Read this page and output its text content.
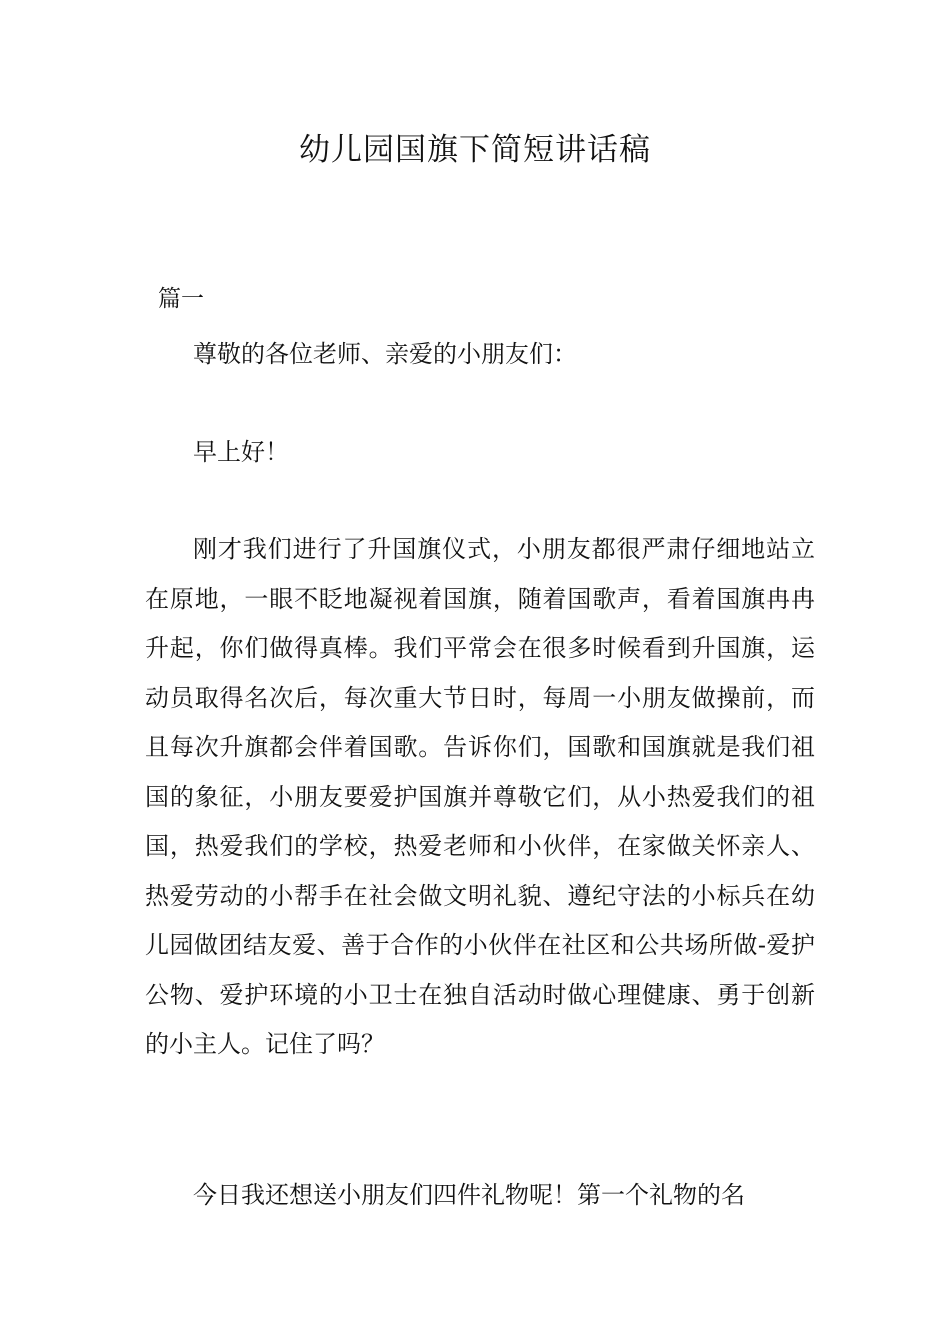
幼儿园国旗下简短讲话稿
篇一

尊敬的各位老师、亲爱的小朋友们：

早上好！

刚才我们进行了升国旗仪式，小朋友都很严肃仔细地站立在原地，一眼不眨地凝视着国旗，随着国歌声，看着国旗冉冉升起，你们做得真棒。我们平常会在很多时候看到升国旗，运动员取得名次后，每次重大节日时，每周一小朋友做操前，而且每次升旗都会伴着国歌。告诉你们，国歌和国旗就是我们祖国的象征，小朋友要爱护国旗并尊敬它们，从小热爱我们的祖国，热爱我们的学校，热爱老师和小伙伴，在家做关怀亲人、热爱劳动的小帮手在社会做文明礼貌、遵纪守法的小标兵在幼儿园做团结友爱、善于合作的小伙伴在社区和公共场所做-爱护公物、爱护环境的小卫士在独自活动时做心理健康、勇于创新的小主人。记住了吗？

今日我还想送小朋友们四件礼物呢！第一个礼物的名
